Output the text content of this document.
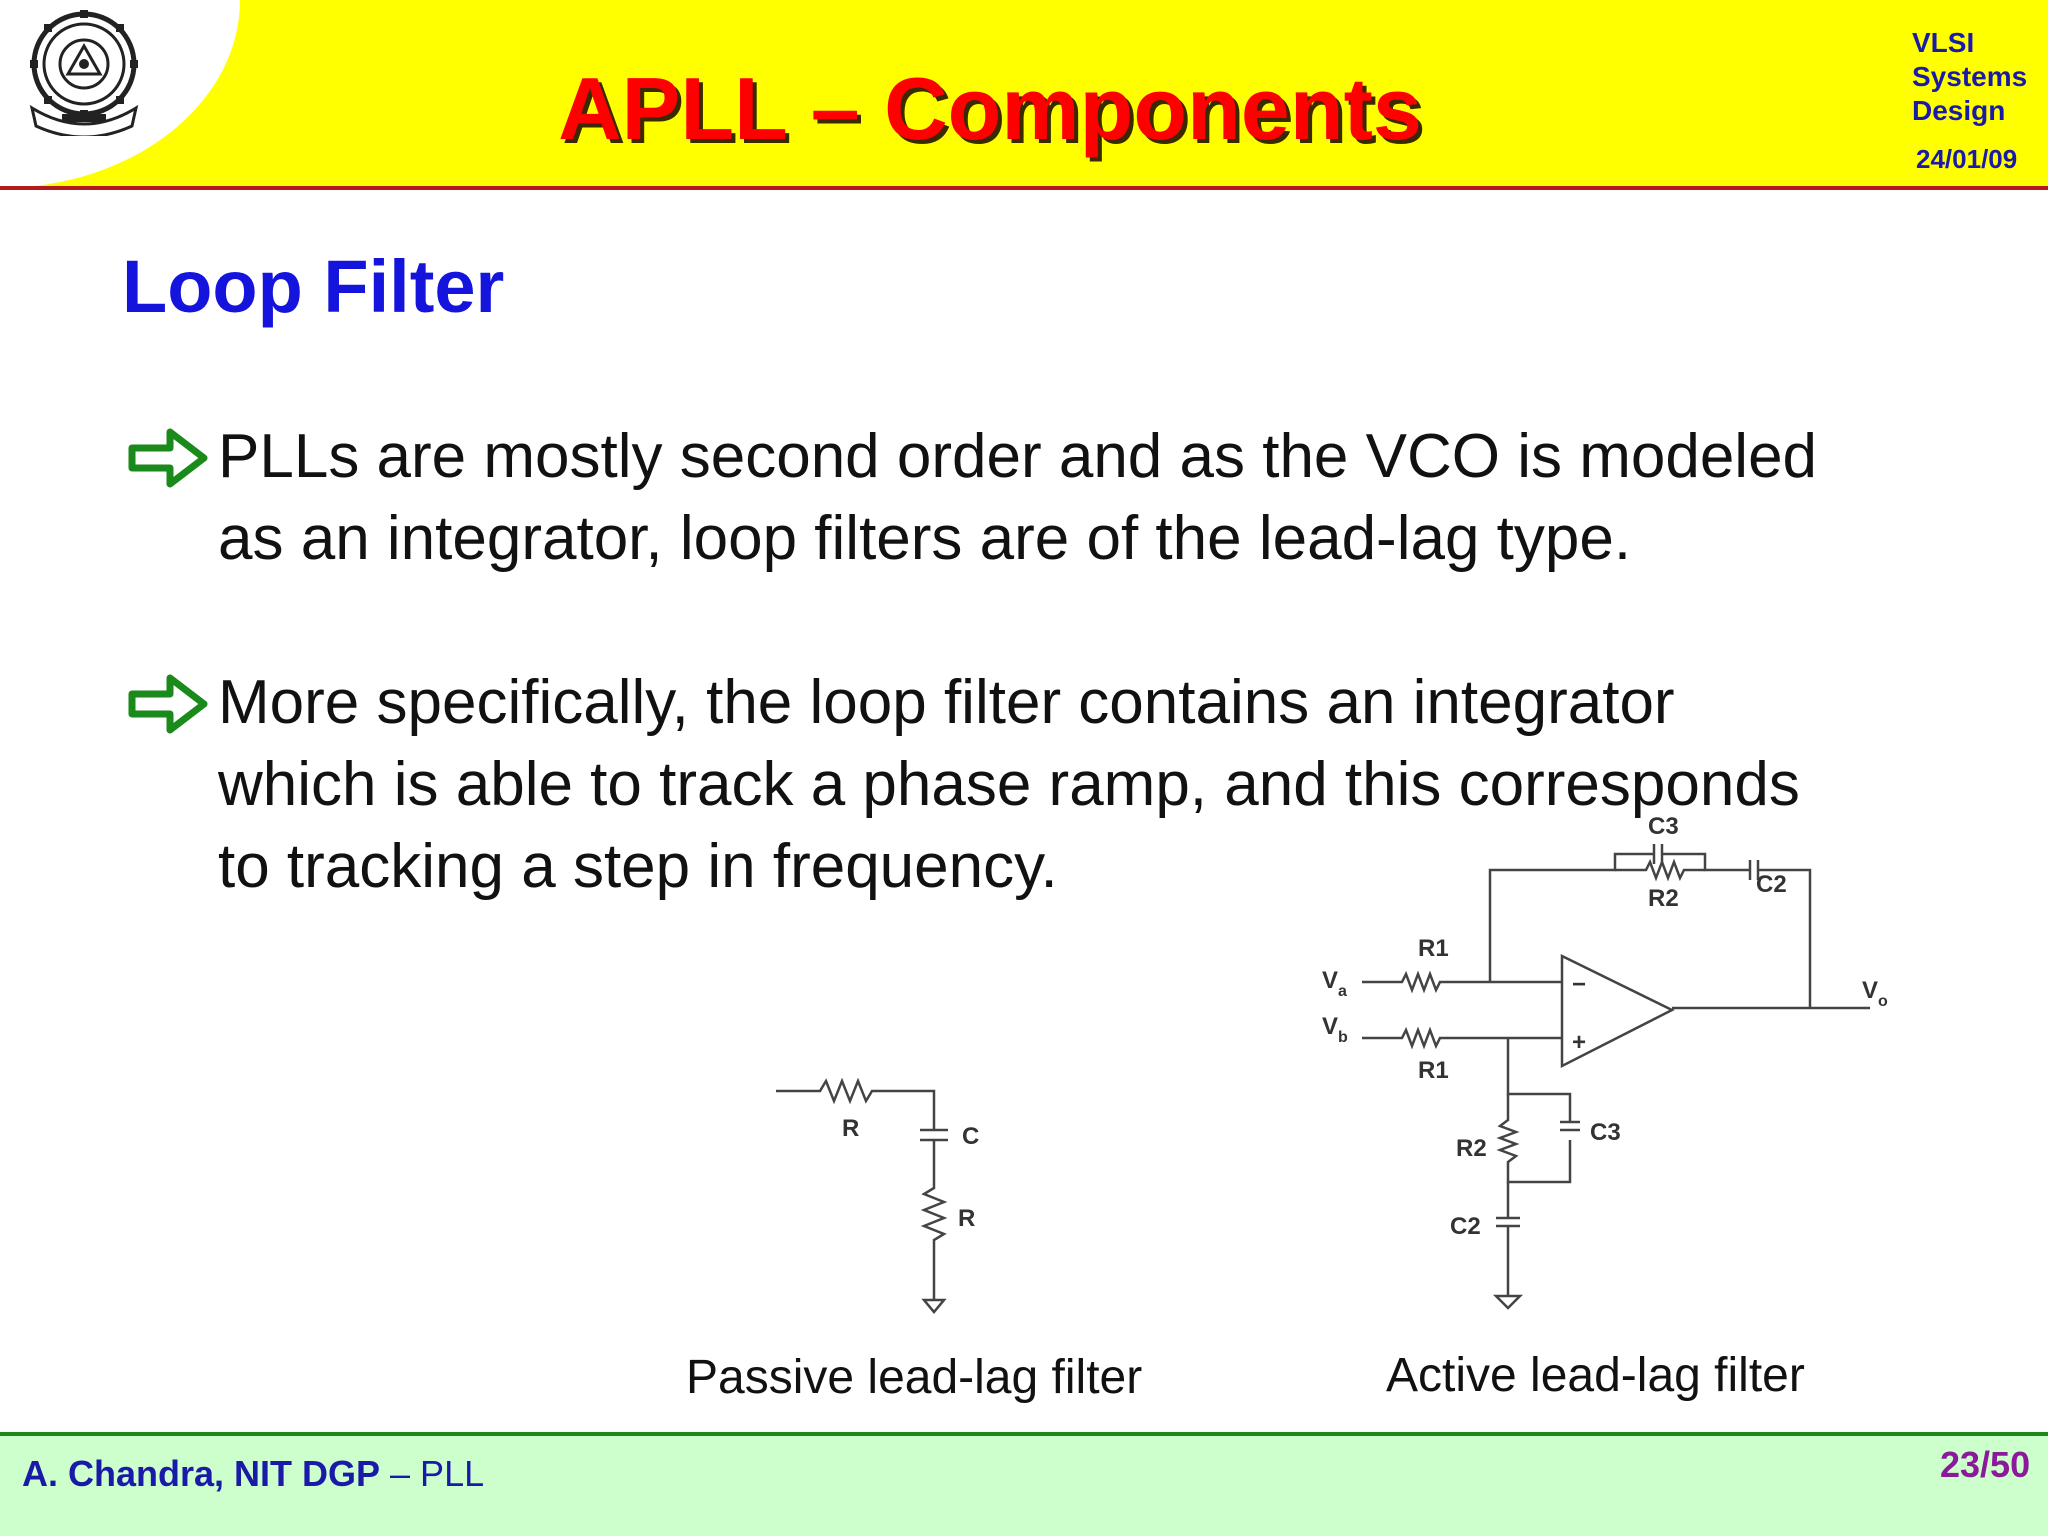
APLL – Components
VLSI
Systems
Design
24/01/09
Loop Filter
PLLs are mostly second order and as the VCO is modeled
as an integrator, loop filters are of the lead-lag type.
More specifically, the loop filter contains an integrator
which is able to track a phase ramp, and this corresponds
to tracking a step in frequency.
R	C
R
Passive lead-lag filter
−
+
C3
R2
C2
R1
R1
$V_a$
$V_b$
$V_o$
R2
C3
C2
Active lead-lag filter
A. Chandra, NIT DGP – PLL	23/50
